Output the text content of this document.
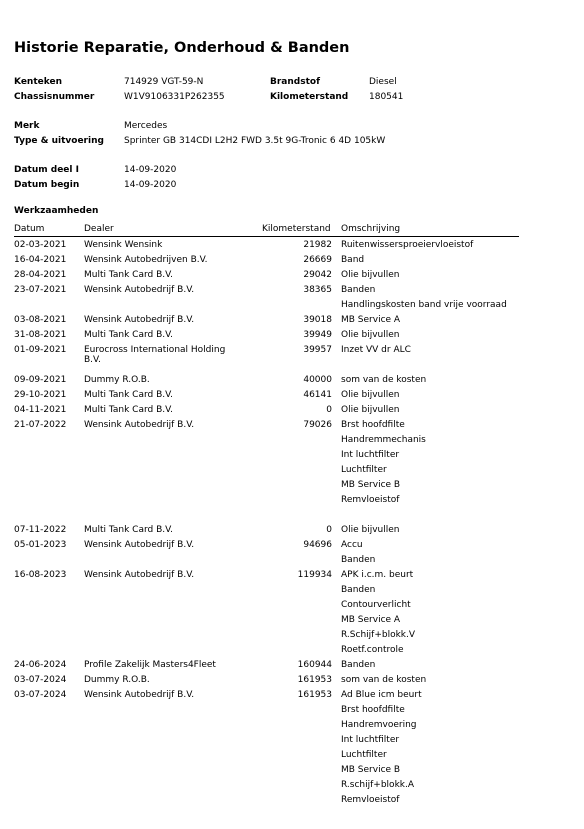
Historie Reparatie, Onderhoud & Banden
Kenteken	714929 VGT-59-N	Brandstof	Diesel
Chassisnummer	W1V9106331P262355	Kilometerstand 180541
Merk	Mercedes
Type & uitvoering Sprinter GB 314CDI L2H2 FWD 3.5t 9G-Tronic 6 4D 105kW
Datum deel I	14-09-2020
Datum begin	14-09-2020
Werkzaamheden
Datum	Dealer	Kilometerstand Omschrijving
02-03-2021 Wensink Wensink	21982 Ruitenwissersproeiervloeistof
16-04-2021 Wensink Autobedrijven B.V.	26669 Band
28-04-2021 Multi Tank Card B.V.	29042 Olie bijvullen
23-07-2021 Wensink Autobedrijf B.V.	38365 Banden
Handlingskosten band vrije voorraad
03-08-2021 Wensink Autobedrijf B.V.	39018 MB Service A
31-08-2021 Multi Tank Card B.V.	39949 Olie bijvullen
01-09-2021 Eurocross International Holding B.V.
39957 Inzet VV dr ALC
09-09-2021 Dummy R.O.B.	40000 som van de kosten
29-10-2021 Multi Tank Card B.V.	46141 Olie bijvullen
04-11-2021 Multi Tank Card B.V.	0 Olie bijvullen
21-07-2022 Wensink Autobedrijf B.V.	79026 Brst hoofdfilte
Handremmechanis
Int luchtfilter
Luchtfilter
MB Service B
Remvloeistof
07-11-2022 Multi Tank Card B.V.	0 Olie bijvullen
05-01-2023 Wensink Autobedrijf B.V.	94696 Accu
Banden
16-08-2023 Wensink Autobedrijf B.V.	119934 APK i.c.m. beurt
Banden
Contourverlicht
MB Service A
R.Schijf+blokk.V
Roetf.controle
24-06-2024 Profile Zakelijk Masters4Fleet	160944 Banden
03-07-2024 Dummy R.O.B.	161953 som van de kosten
03-07-2024 Wensink Autobedrijf B.V.	161953 Ad Blue icm beurt
Brst hoofdfilte
Handremvoering
Int luchtfilter
Luchtfilter
MB Service B
R.schijf+blokk.A
Remvloeistof
